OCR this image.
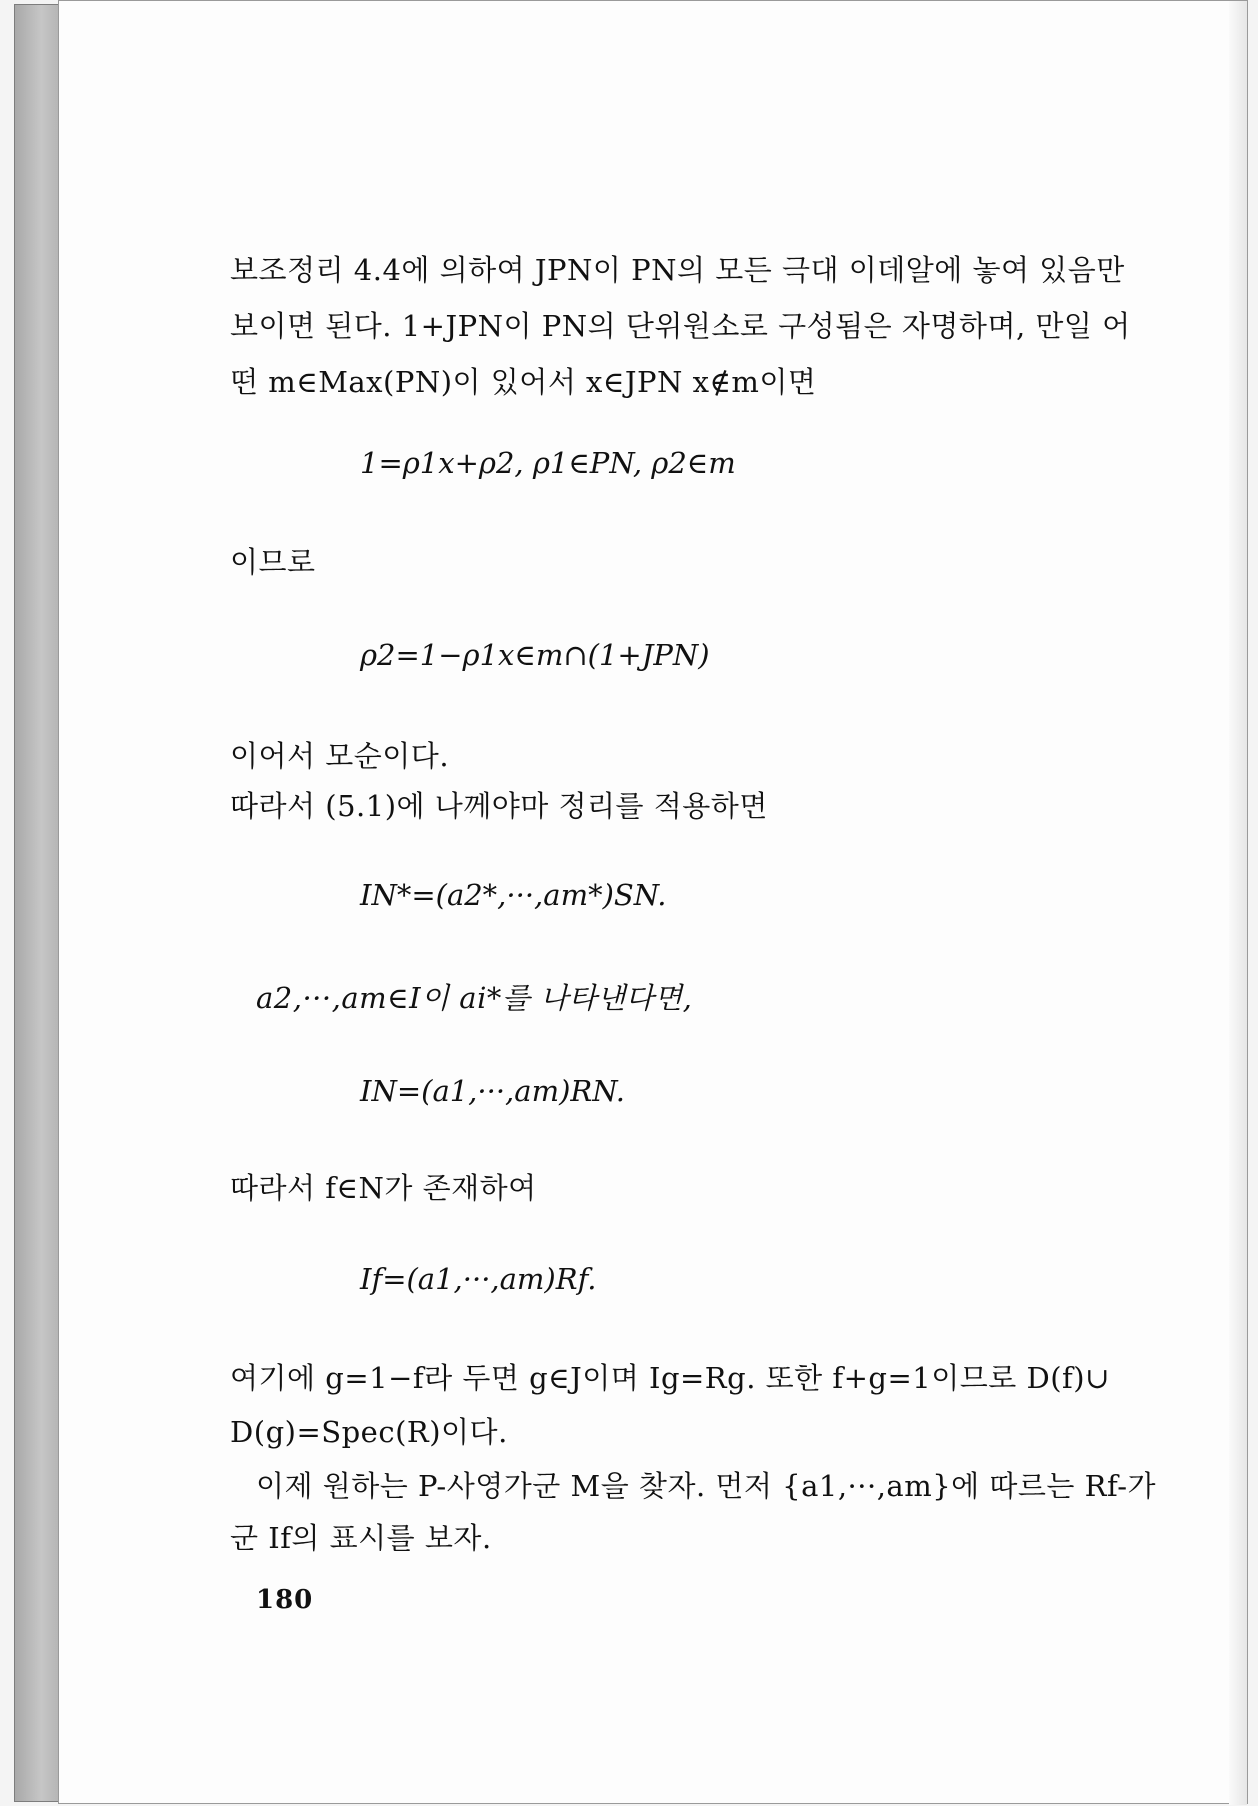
보조정리 4.4에 의하여 JPN이 PN의 모든 극대 이데알에 놓여 있음만
보이면 된다. 1+JPN이 PN의 단위원소로 구성됨은 자명하며, 만일 어
떤 m∈Max(PN)이 있어서 x∈JPN x∉m이면
1=ρ1x+ρ2, ρ1∈PN, ρ2∈m
이므로
ρ2=1−ρ1x∈m∩(1+JPN)
이어서 모순이다.
따라서 (5.1)에 나께야마 정리를 적용하면
IN*=(a2*,···,am*)SN.
a2,···,am∈I이 ai*를 나타낸다면,
IN=(a1,···,am)RN.
따라서 f∈N가 존재하여
If=(a1,···,am)Rf.
여기에 g=1−f라 두면 g∈J이며 Ig=Rg. 또한 f+g=1이므로 D(f)∪
D(g)=Spec(R)이다.
이제 원하는 P-사영가군 M을 찾자. 먼저 {a1,···,am}에 따르는 Rf-가
군 If의 표시를 보자.
180
